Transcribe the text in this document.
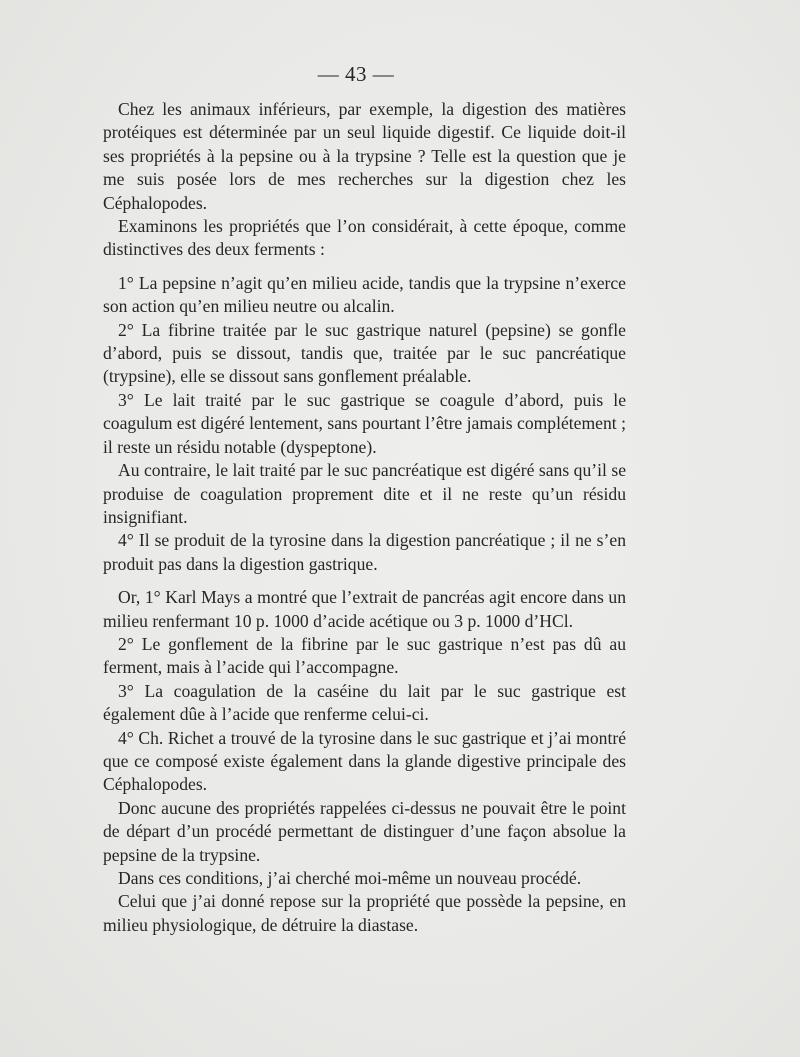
— 43 —

Chez les animaux inférieurs, par exemple, la digestion des matières protéiques est déterminée par un seul liquide digestif. Ce liquide doit-il ses propriétés à la pepsine ou à la trypsine ? Telle est la question que je me suis posée lors de mes recherches sur la digestion chez les Céphalopodes.

Examinons les propriétés que l’on considérait, à cette époque, comme distinctives des deux ferments :

1° La pepsine n’agit qu’en milieu acide, tandis que la trypsine n’exerce son action qu’en milieu neutre ou alcalin.

2° La fibrine traitée par le suc gastrique naturel (pepsine) se gonfle d’abord, puis se dissout, tandis que, traitée par le suc pancréatique (trypsine), elle se dissout sans gonflement préalable.

3° Le lait traité par le suc gastrique se coagule d’abord, puis le coagulum est digéré lentement, sans pourtant l’être jamais complétement ; il reste un résidu notable (dyspeptone).

Au contraire, le lait traité par le suc pancréatique est digéré sans qu’il se produise de coagulation proprement dite et il ne reste qu’un résidu insignifiant.

4° Il se produit de la tyrosine dans la digestion pancréatique ; il ne s’en produit pas dans la digestion gastrique.

Or, 1° Karl Mays a montré que l’extrait de pancréas agit encore dans un milieu renfermant 10 p. 1000 d’acide acétique ou 3 p. 1000 d’HCl.

2° Le gonflement de la fibrine par le suc gastrique n’est pas dû au ferment, mais à l’acide qui l’accompagne.

3° La coagulation de la caséine du lait par le suc gastrique est également dûe à l’acide que renferme celui-ci.

4° Ch. Richet a trouvé de la tyrosine dans le suc gastrique et j’ai montré que ce composé existe également dans la glande digestive principale des Céphalopodes.

Donc aucune des propriétés rappelées ci-dessus ne pouvait être le point de départ d’un procédé permettant de distinguer d’une façon absolue la pepsine de la trypsine.

Dans ces conditions, j’ai cherché moi-même un nouveau procédé.

Celui que j’ai donné repose sur la propriété que possède la pepsine, en milieu physiologique, de détruire la diastase.
